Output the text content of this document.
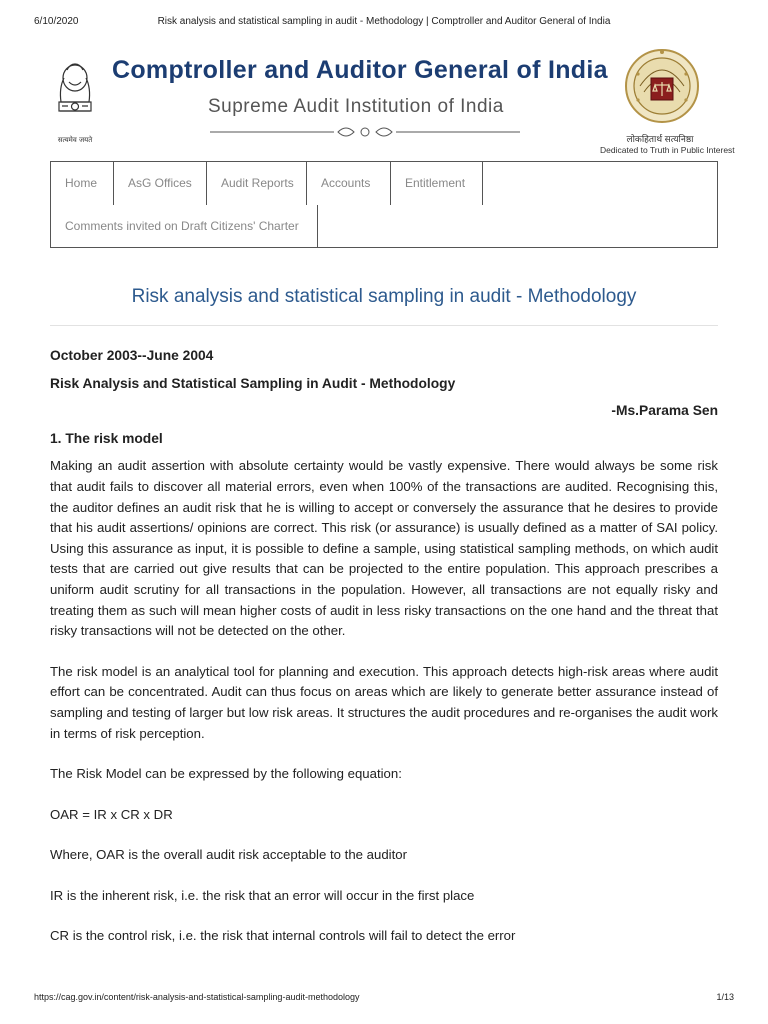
6/10/2020	Risk analysis and statistical sampling in audit - Methodology | Comptroller and Auditor General of India
सत्यमेव जयते
Comptroller and Auditor General of India
Supreme Audit Institution of India
लोकहितार्थ सत्यनिष्ठा
Dedicated to Truth in Public Interest
Home	AsG Offices	Audit Reports	Accounts	Entitlement
Comments invited on Draft Citizens' Charter
Risk analysis and statistical sampling in audit - Methodology

October 2003--June 2004

Risk Analysis and Statistical Sampling in Audit - Methodology

-Ms.Parama Sen

1. The risk model

Making an audit assertion with absolute certainty would be vastly expensive. There would always be some risk that audit fails to discover all material errors, even when 100% of the transactions are audited. Recognising this, the auditor defines an audit risk that he is willing to accept or conversely the assurance that he desires to provide that his audit assertions/ opinions are correct. This risk (or assurance) is usually defined as a matter of SAI policy. Using this assurance as input, it is possible to define a sample, using statistical sampling methods, on which audit tests that are carried out give results that can be projected to the entire population. This approach prescribes a uniform audit scrutiny for all transactions in the population. However, all transactions are not equally risky and treating them as such will mean higher costs of audit in less risky transactions on the one hand and the threat that risky transactions will not be detected on the other.

The risk model is an analytical tool for planning and execution. This approach detects high-risk areas where audit effort can be concentrated. Audit can thus focus on areas which are likely to generate better assurance instead of sampling and testing of larger but low risk areas. It structures the audit procedures and re-organises the audit work in terms of risk perception.

The Risk Model can be expressed by the following equation:

OAR = IR x CR x DR

Where, OAR is the overall audit risk acceptable to the auditor

IR is the inherent risk, i.e. the risk that an error will occur in the first place

CR is the control risk, i.e. the risk that internal controls will fail to detect the error

https://cag.gov.in/content/risk-analysis-and-statistical-sampling-audit-methodology	1/13
